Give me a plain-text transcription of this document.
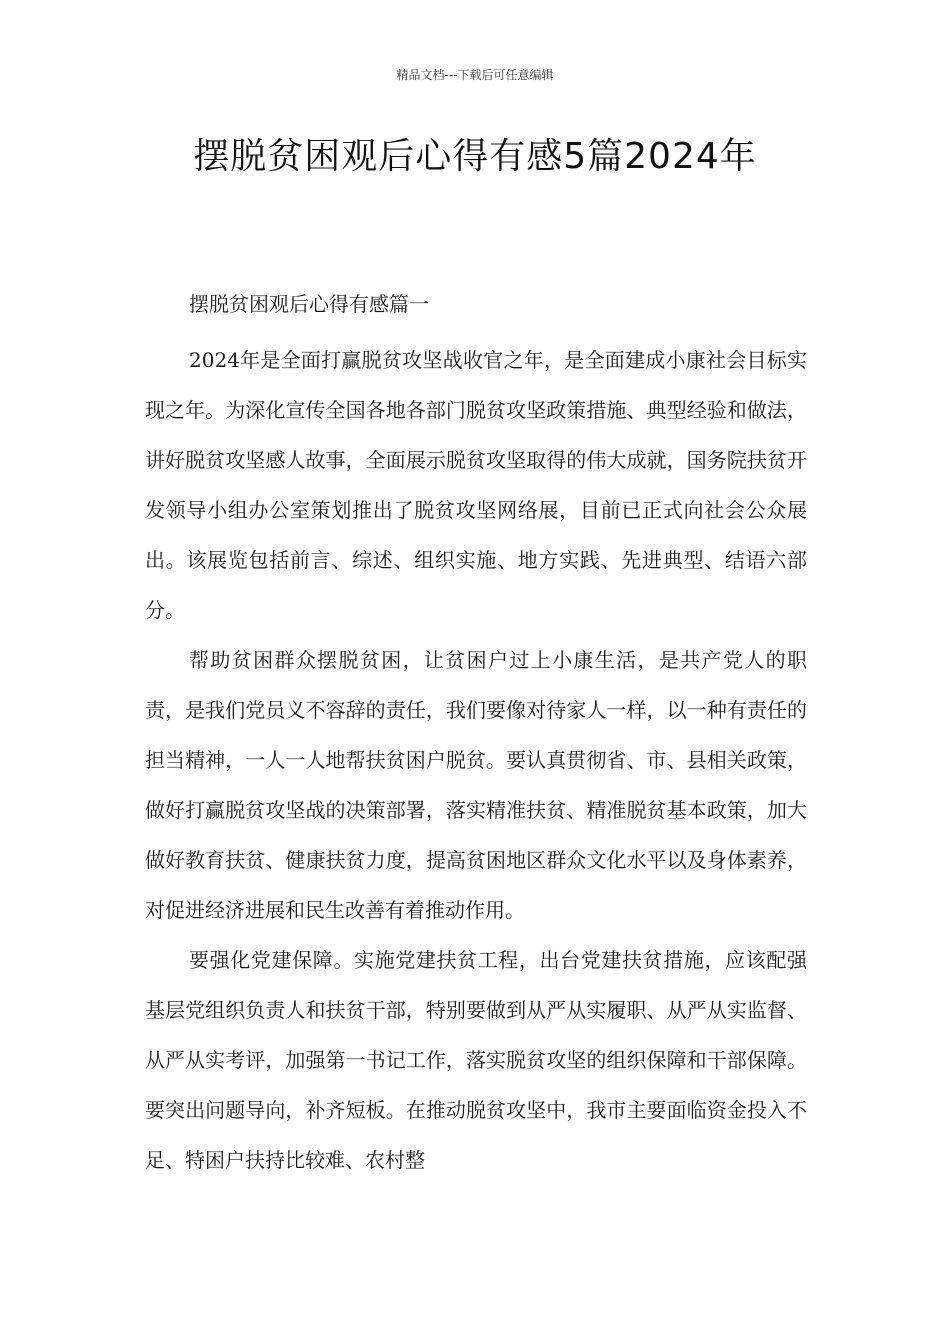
精品文档---下载后可任意编辑
摆脱贫困观后心得有感5篇2024年

摆脱贫困观后心得有感篇一

2024年是全面打赢脱贫攻坚战收官之年，是全面建成小康社会目标实现之年。为深化宣传全国各地各部门脱贫攻坚政策措施、典型经验和做法，讲好脱贫攻坚感人故事，全面展示脱贫攻坚取得的伟大成就，国务院扶贫开发领导小组办公室策划推出了脱贫攻坚网络展，目前已正式向社会公众展出。该展览包括前言、综述、组织实施、地方实践、先进典型、结语六部分。

帮助贫困群众摆脱贫困，让贫困户过上小康生活，是共产党人的职责，是我们党员义不容辞的责任，我们要像对待家人一样，以一种有责任的担当精神，一人一人地帮扶贫困户脱贫。要认真贯彻省、市、县相关政策，做好打赢脱贫攻坚战的决策部署，落实精准扶贫、精准脱贫基本政策，加大做好教育扶贫、健康扶贫力度，提高贫困地区群众文化水平以及身体素养，对促进经济进展和民生改善有着推动作用。

要强化党建保障。实施党建扶贫工程，出台党建扶贫措施，应该配强基层党组织负责人和扶贫干部，特别要做到从严从实履职、从严从实监督、从严从实考评，加强第一书记工作，落实脱贫攻坚的组织保障和干部保障。要突出问题导向，补齐短板。在推动脱贫攻坚中，我市主要面临资金投入不足、特困户扶持比较难、农村整
